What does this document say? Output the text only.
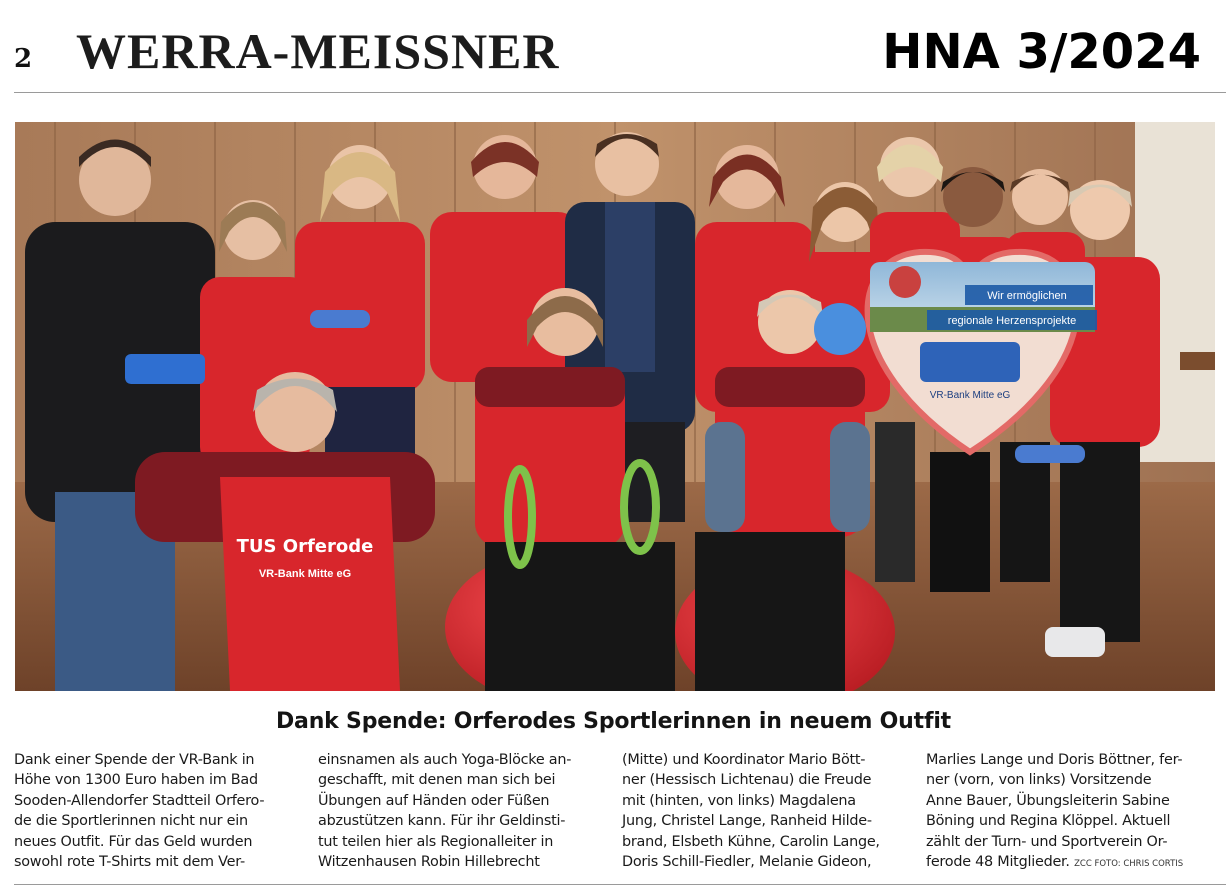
2 WERRA-MEISSNER	HNA 3/2024
Wir ermöglichen
regionale Herzensprojekte
VR-Bank Mitte eG
TUS Orferode
VR-Bank Mitte eG
Dank Spende: Orferodes Sportlerinnen in neuem Outfit
Dank einer Spende der VR-Bank in
Höhe von 1300 Euro haben im Bad
Sooden-Allendorfer Stadtteil Orfero-
de die Sportlerinnen nicht nur ein
neues Outfit. Für das Geld wurden
sowohl rote T-Shirts mit dem Ver-
einsnamen als auch Yoga-Blöcke an-
geschafft, mit denen man sich bei
Übungen auf Händen oder Füßen
abzustützen kann. Für ihr Geldinsti-
tut teilen hier als Regionalleiter in
Witzenhausen Robin Hillebrecht
(Mitte) und Koordinator Mario Bött-
ner (Hessisch Lichtenau) die Freude
mit (hinten, von links) Magdalena
Jung, Christel Lange, Ranheid Hilde-
brand, Elsbeth Kühne, Carolin Lange,
Doris Schill-Fiedler, Melanie Gideon,
Marlies Lange und Doris Böttner, fer-
ner (vorn, von links) Vorsitzende
Anne Bauer, Übungsleiterin Sabine
Böning und Regina Klöppel. Aktuell
zählt der Turn- und Sportverein Or-
ferode 48 Mitglieder. ZCC FOTO: CHRIS CORTIS
